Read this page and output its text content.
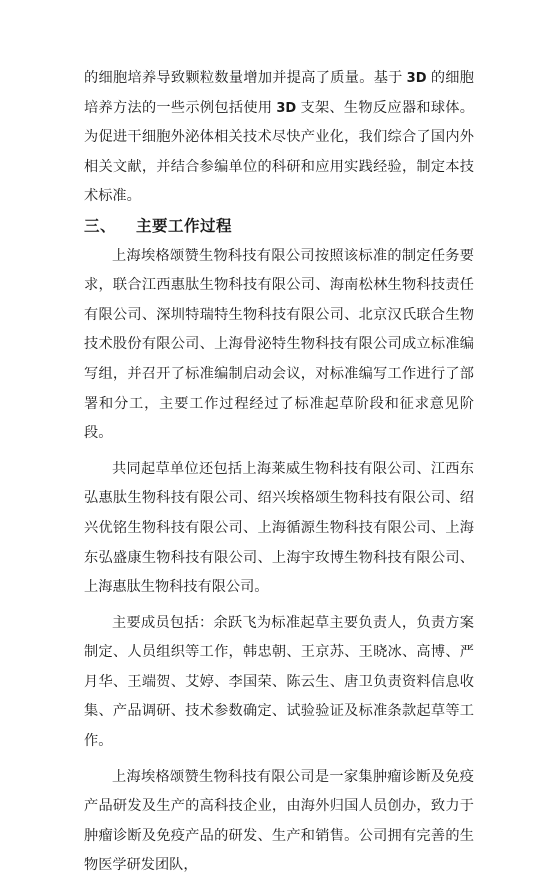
的细胞培养导致颗粒数量增加并提高了质量。基于 3D 的细胞培养方法的一些示例包括使用 3D 支架、生物反应器和球体。为促进干细胞外泌体相关技术尽快产业化，我们综合了国内外相关文献，并结合参编单位的科研和应用实践经验，制定本技术标准。

三、 主要工作过程

上海埃格颂赞生物科技有限公司按照该标准的制定任务要求，联合江西惠肽生物科技有限公司、海南松林生物科技责任有限公司、深圳特瑞特生物科技有限公司、北京汉氏联合生物技术股份有限公司、上海骨泌特生物科技有限公司成立标准编写组，并召开了标准编制启动会议，对标准编写工作进行了部署和分工，主要工作过程经过了标准起草阶段和征求意见阶段。

共同起草单位还包括上海莱威生物科技有限公司、江西东弘惠肽生物科技有限公司、绍兴埃格颂生物科技有限公司、绍兴优铭生物科技有限公司、上海循源生物科技有限公司、上海东弘盛康生物科技有限公司、上海宇玫博生物科技有限公司、上海惠肽生物科技有限公司。

主要成员包括：余跃飞为标准起草主要负责人，负责方案制定、人员组织等工作，韩忠朝、王京苏、王晓冰、高博、严月华、王端贺、艾婷、李国荣、陈云生、唐卫负责资料信息收集、产品调研、技术参数确定、试验验证及标准条款起草等工作。

上海埃格颂赞生物科技有限公司是一家集肿瘤诊断及免疫产品研发及生产的高科技企业，由海外归国人员创办，致力于肿瘤诊断及免疫产品的研发、生产和销售。公司拥有完善的生物医学研发团队，
